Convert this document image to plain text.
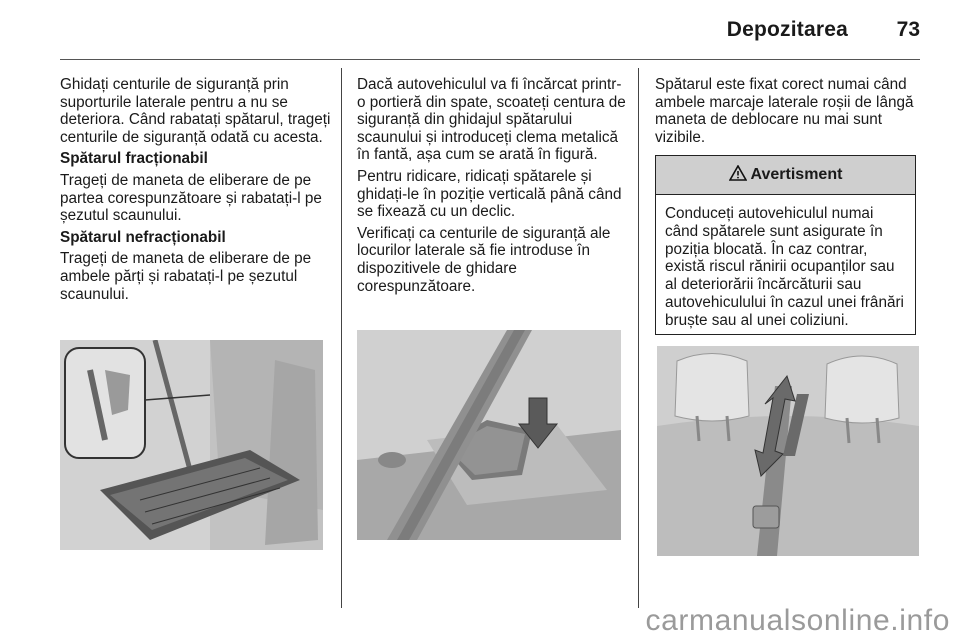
Depozitarea	73

Ghidați centurile de siguranță prin suporturile laterale pentru a nu se deteriora. Când rabatați spătarul, trageți centurile de siguranță odată cu acesta.

Spătarul fracționabil

Trageți de maneta de eliberare de pe partea corespunzătoare și rabatați-l pe șezutul scaunului.

Spătarul nefracționabil

Trageți de maneta de eliberare de pe ambele părți și rabatați-l pe șezutul scaunului.

Dacă autovehiculul va fi încărcat printr-o portieră din spate, scoateți centura de siguranță din ghidajul spătarului scaunului și introduceți clema metalică în fantă, așa cum se arată în figură.

Pentru ridicare, ridicați spătarele și ghidați-le în poziție verticală până când se fixează cu un declic.

Verificați ca centurile de siguranță ale locurilor laterale să fie introduse în dispozitivele de ghidare corespunzătoare.

Spătarul este fixat corect numai când ambele marcaje laterale roșii de lângă maneta de deblocare nu mai sunt vizibile.

Avertisment
Conduceți autovehiculul numai când spătarele sunt asigurate în poziția blocată. În caz contrar, există riscul rănirii ocupanților sau al deteriorării încărcăturii sau autovehiculului în cazul unei frânări bruște sau al unei coliziuni.
carmanualsonline.info
